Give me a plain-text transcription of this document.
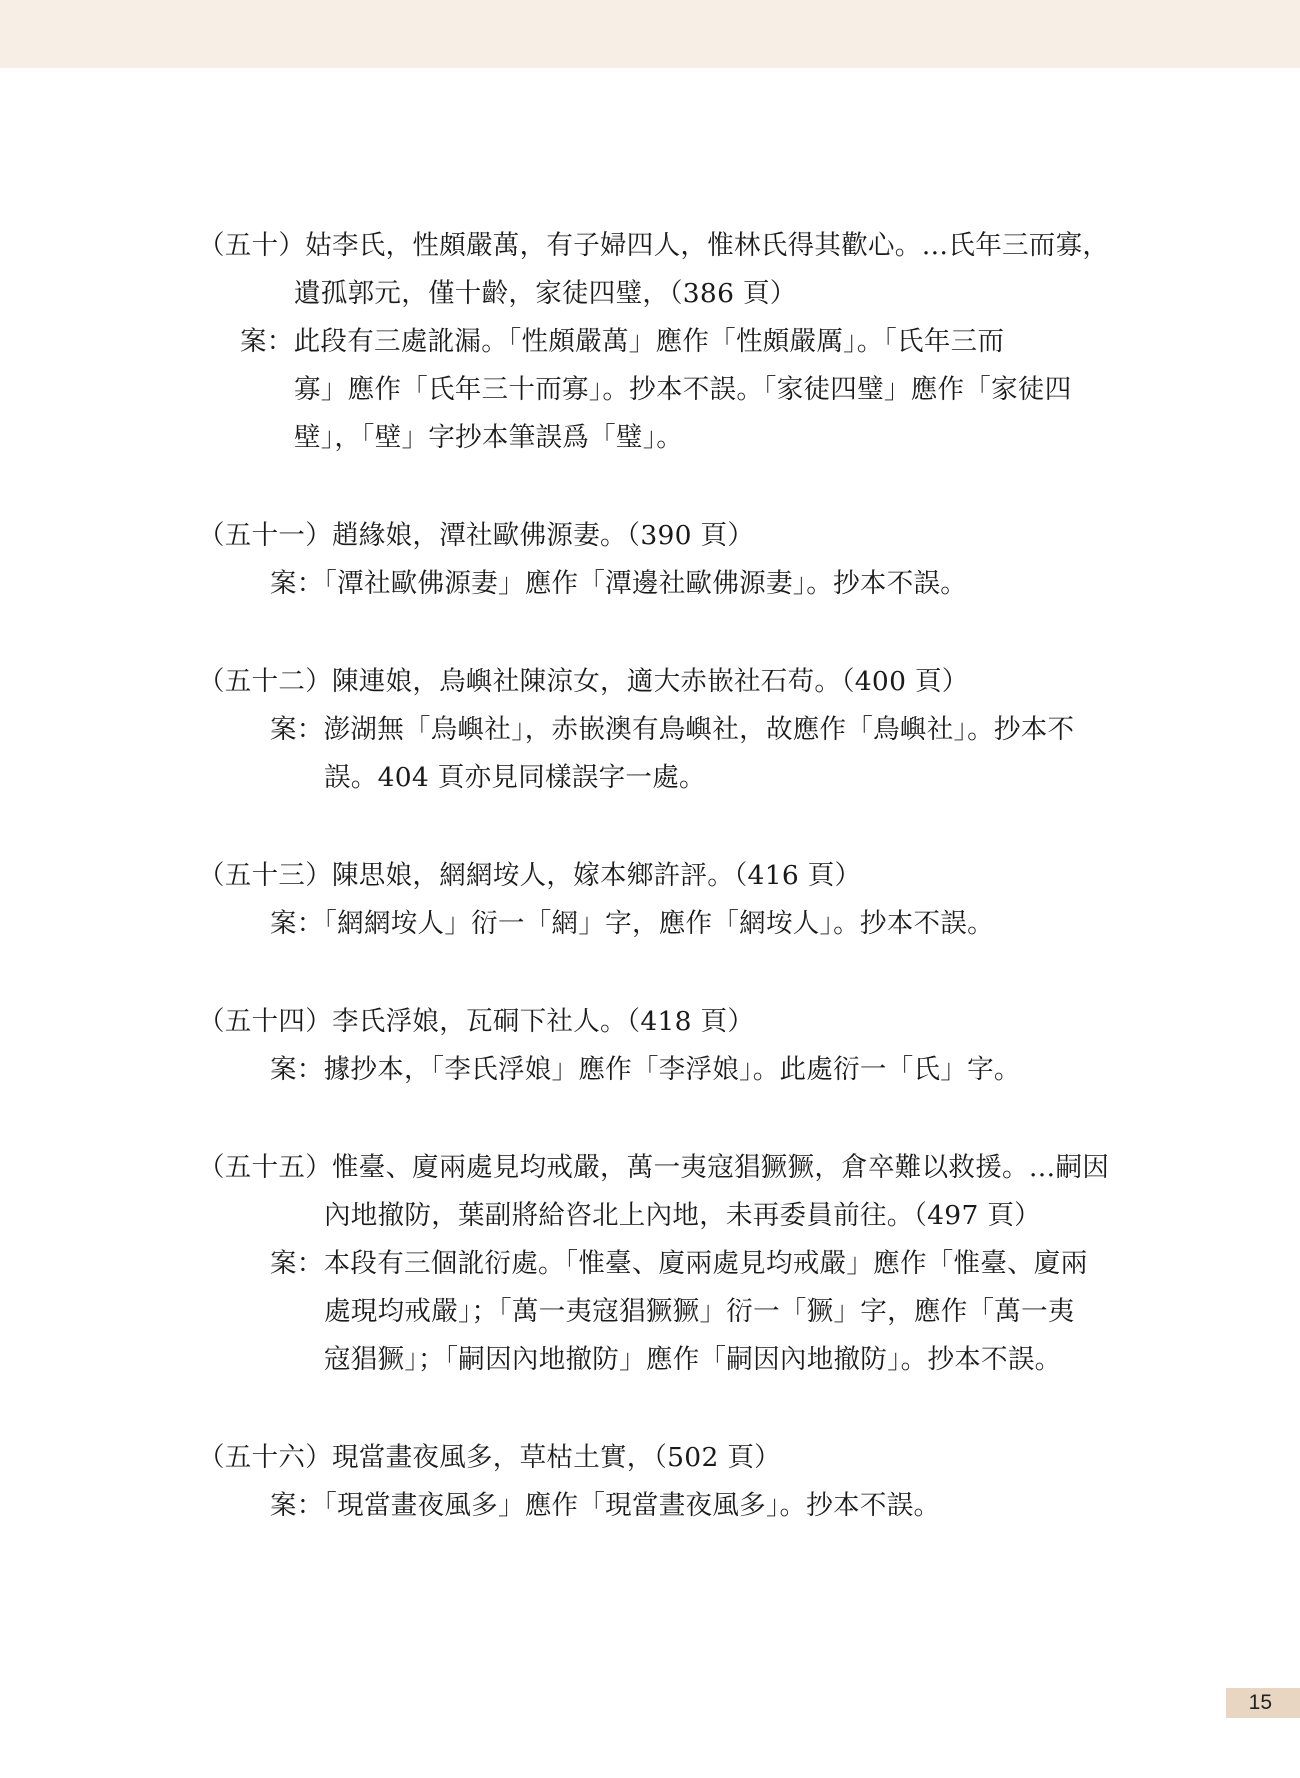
（五十）姑李氏，性頗嚴萬，有子婦四人，惟林氏得其歡心。…氏年三而寡，
遺孤郭元，僅十齡，家徒四璧，（386 頁）
案：此段有三處訛漏。「性頗嚴萬」應作「性頗嚴厲」。「氏年三而
寡」應作「氏年三十而寡」。抄本不誤。「家徒四璧」應作「家徒四
壁」，「壁」字抄本筆誤爲「璧」。
（五十一）趙緣娘，潭社歐佛源妻。（390 頁）
案：「潭社歐佛源妻」應作「潭邊社歐佛源妻」。抄本不誤。
（五十二）陳連娘，烏嶼社陳涼女，適大赤嵌社石苟。（400 頁）
案：澎湖無「烏嶼社」，赤嵌澳有鳥嶼社，故應作「鳥嶼社」。抄本不
誤。404 頁亦見同樣誤字一處。
（五十三）陳思娘，網網垵人，嫁本鄉許評。（416 頁）
案：「網網垵人」衍一「網」字，應作「網垵人」。抄本不誤。
（五十四）李氏浮娘，瓦硐下社人。（418 頁）
案：據抄本，「李氏浮娘」應作「李浮娘」。此處衍一「氏」字。
（五十五）惟臺、廈兩處見均戒嚴，萬一夷寇猖獗獗，倉卒難以救援。…嗣因
內地撤防，葉副將給咨北上內地，未再委員前往。（497 頁）
案：本段有三個訛衍處。「惟臺、廈兩處見均戒嚴」應作「惟臺、廈兩
處現均戒嚴」；「萬一夷寇猖獗獗」衍一「獗」字，應作「萬一夷
寇猖獗」；「嗣因內地撤防」應作「嗣因內地撤防」。抄本不誤。
（五十六）現當畫夜風多，草枯土實，（502 頁）
案：「現當畫夜風多」應作「現當晝夜風多」。抄本不誤。
15
